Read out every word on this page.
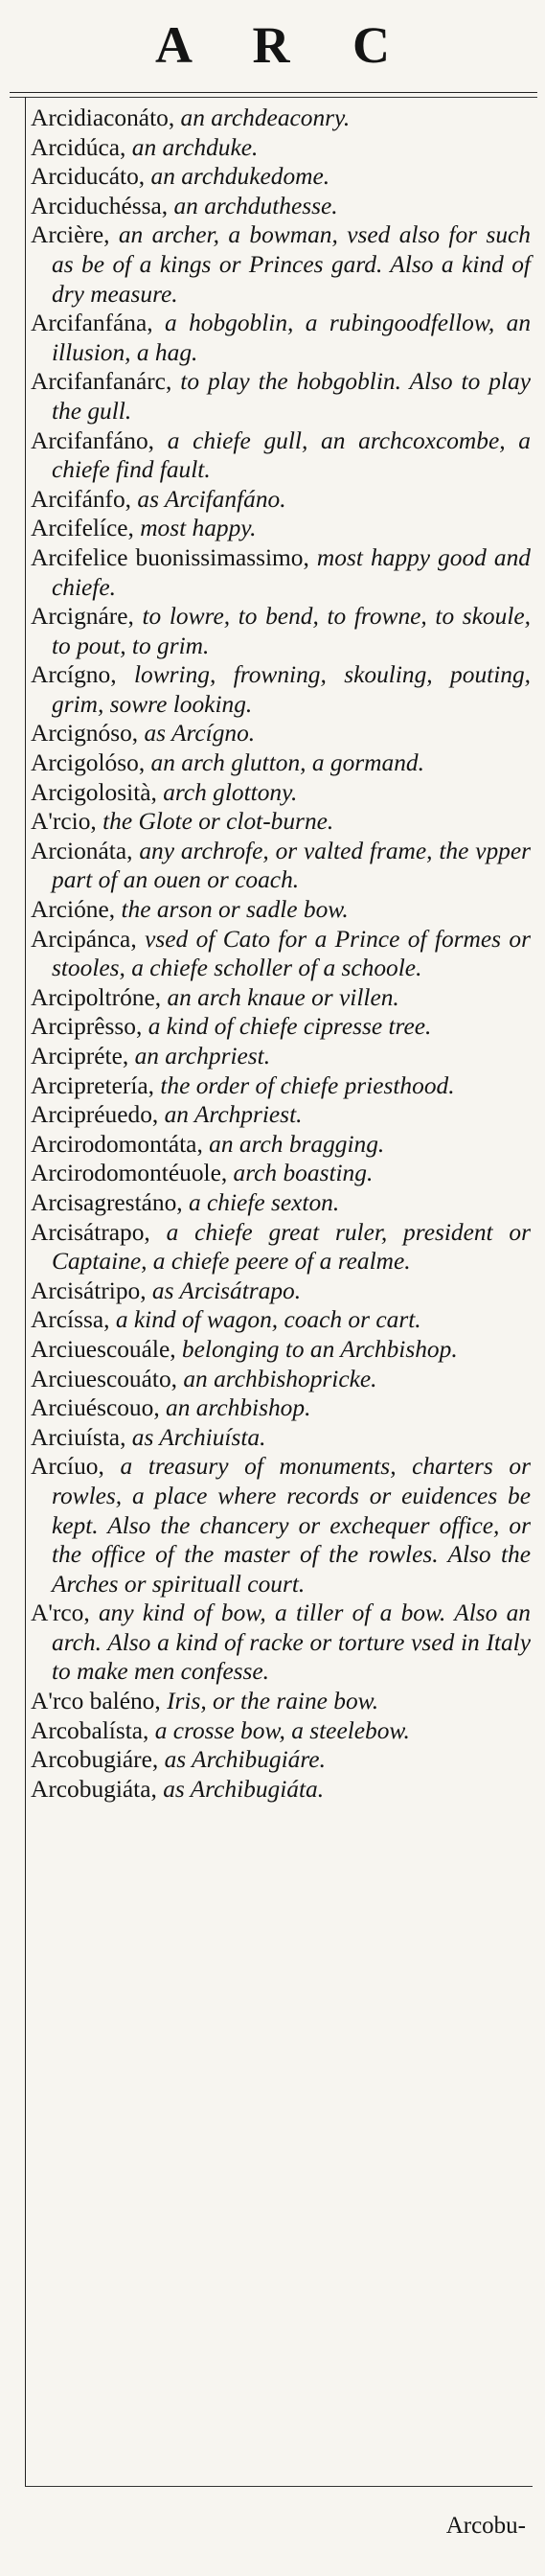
A R C
Arcidiaconáto, an archdeaconry.
Arcidúca, an archduke.
Arciducáto, an archdukedome.
Arciduchéssa, an archduthesse.
Arcière, an archer, a bowman, vsed also for such as be of a kings or Princes gard. Also a kind of dry measure.
Arcifanfána, a hobgoblin, a rubingoodfellow, an illusion, a hag.
Arcifanfanárc, to play the hobgoblin. Also to play the gull.
Arcifanfáno, a chiefe gull, an archcoxcombe, a chiefe find fault.
Arcifánfo, as Arcifanfáno.
Arcifelíce, most happy.
Arcifelice buonissimassimo, most happy good and chiefe.
Arcignáre, to lowre, to bend, to frowne, to skoule, to pout, to grim.
Arcígno, lowring, frowning, skouling, pouting, grim, sowre looking.
Arcignóso, as Arcígno.
Arcigolóso, an arch glutton, a gormand.
Arcigolosità, arch glottony.
A'rcio, the Glote or clot-burne.
Arcionáta, any archrofe, or valted frame, the vpper part of an ouen or coach.
Arcióne, the arson or sadle bow.
Arcipánca, vsed of Cato for a Prince of formes or stooles, a chiefe scholler of a schoole.
Arcipoltróne, an arch knaue or villen.
Arciprêsso, a kind of chiefe cipresse tree.
Arcipréte, an archpriest.
Arcipretería, the order of chiefe priesthood.
Arcipréuedo, an Archpriest.
Arcirodomontáta, an arch bragging.
Arcirodomontéuole, arch boasting.
Arcisagrestáno, a chiefe sexton.
Arcisátrapo, a chiefe great ruler, president or Captaine, a chiefe peere of a realme.
Arcisátripo, as Arcisátrapo.
Arcíssa, a kind of wagon, coach or cart.
Arciuescouále, belonging to an Archbishop.
Arciuescouáto, an archbishopricke.
Arciuéscouo, an archbishop.
Arciuísta, as Archiuísta.
Arcíuo, a treasury of monuments, charters or rowles, a place where records or euidences be kept. Also the chancery or exchequer office, or the office of the master of the rowles. Also the Arches or spirituall court.
A'rco, any kind of bow, a tiller of a bow. Also an arch. Also a kind of racke or torture vsed in Italy to make men confesse.
A'rco baléno, Iris, or the raine bow.
Arcobalísta, a crosse bow, a steelebow.
Arcobugiáre, as Archibugiáre.
Arcobugiáta, as Archibugiáta.
Arcobu-
